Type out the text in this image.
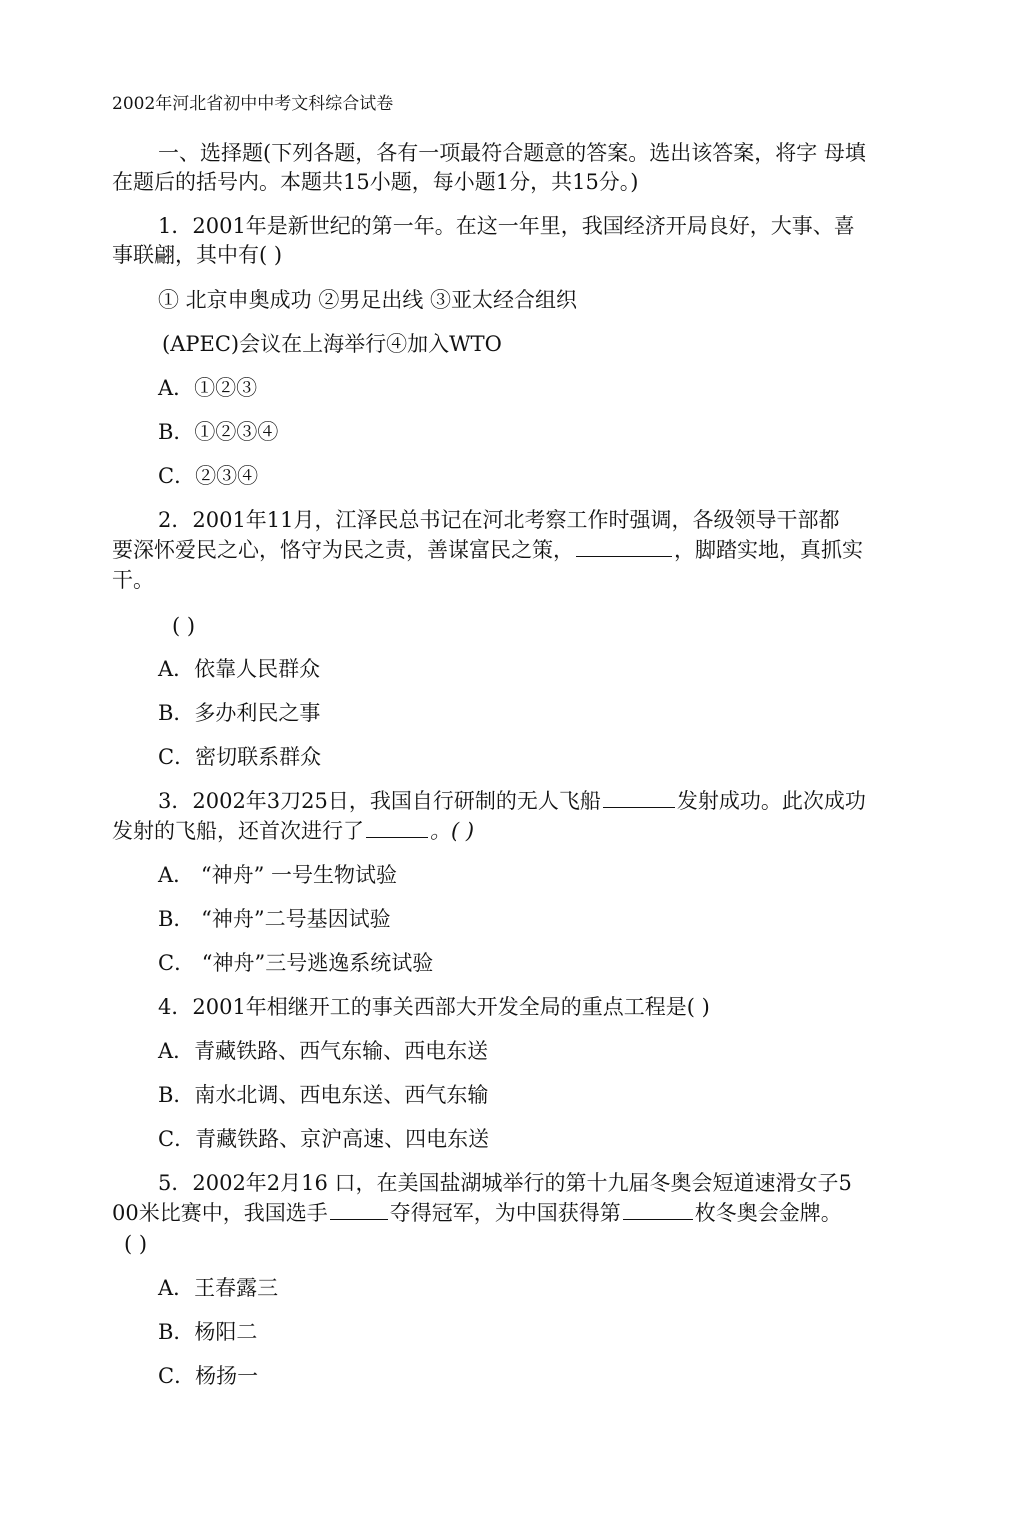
2002年河北省初中中考文科综合试卷
一、选择题(下列各题，各有一项最符合题意的答案。选出该答案，将字 母填
在题后的括号内。本题共15小题，每小题1分，共15分。)
1．2001年是新世纪的第一年。在这一年里，我国经济开局良好，大事、喜
事联翩，其中有( )
① 北京申奥成功 ②男足出线 ③亚太经合组织
(APEC)会议在上海举行④加入WTO
A．①②③
B．①②③④
C．②③④
2．2001年11月，江泽民总书记在河北考察工作时强调，各级领导干部都
要深怀爱民之心，恪守为民之责，善谋富民之策，	，脚踏实地，真抓实
干。
( )
A．依靠人民群众
B．多办利民之事
C．密切联系群众
3．2002年3刀25日，我国自行研制的无人飞船	发射成功。此次成功
发射的飞船，还首次进行了	。( )
A． “神舟” 一号生物试验
B． “神舟”二号基因试验
C． “神舟”三号逃逸系统试验
4．2001年相继开工的事关西部大开发全局的重点工程是( )
A．青藏铁路、西气东输、西电东送
B．南水北调、西电东送、西气东输
C．青藏铁路、京沪高速、四电东送
5．2002年2月16 口，在美国盐湖城举行的第十九届冬奥会短道速滑女子5
00米比赛中，我国选手	夺得冠军，为中国获得第	枚冬奥会金牌。
( )
A．王春露三
B．杨阳二
C．杨扬一
